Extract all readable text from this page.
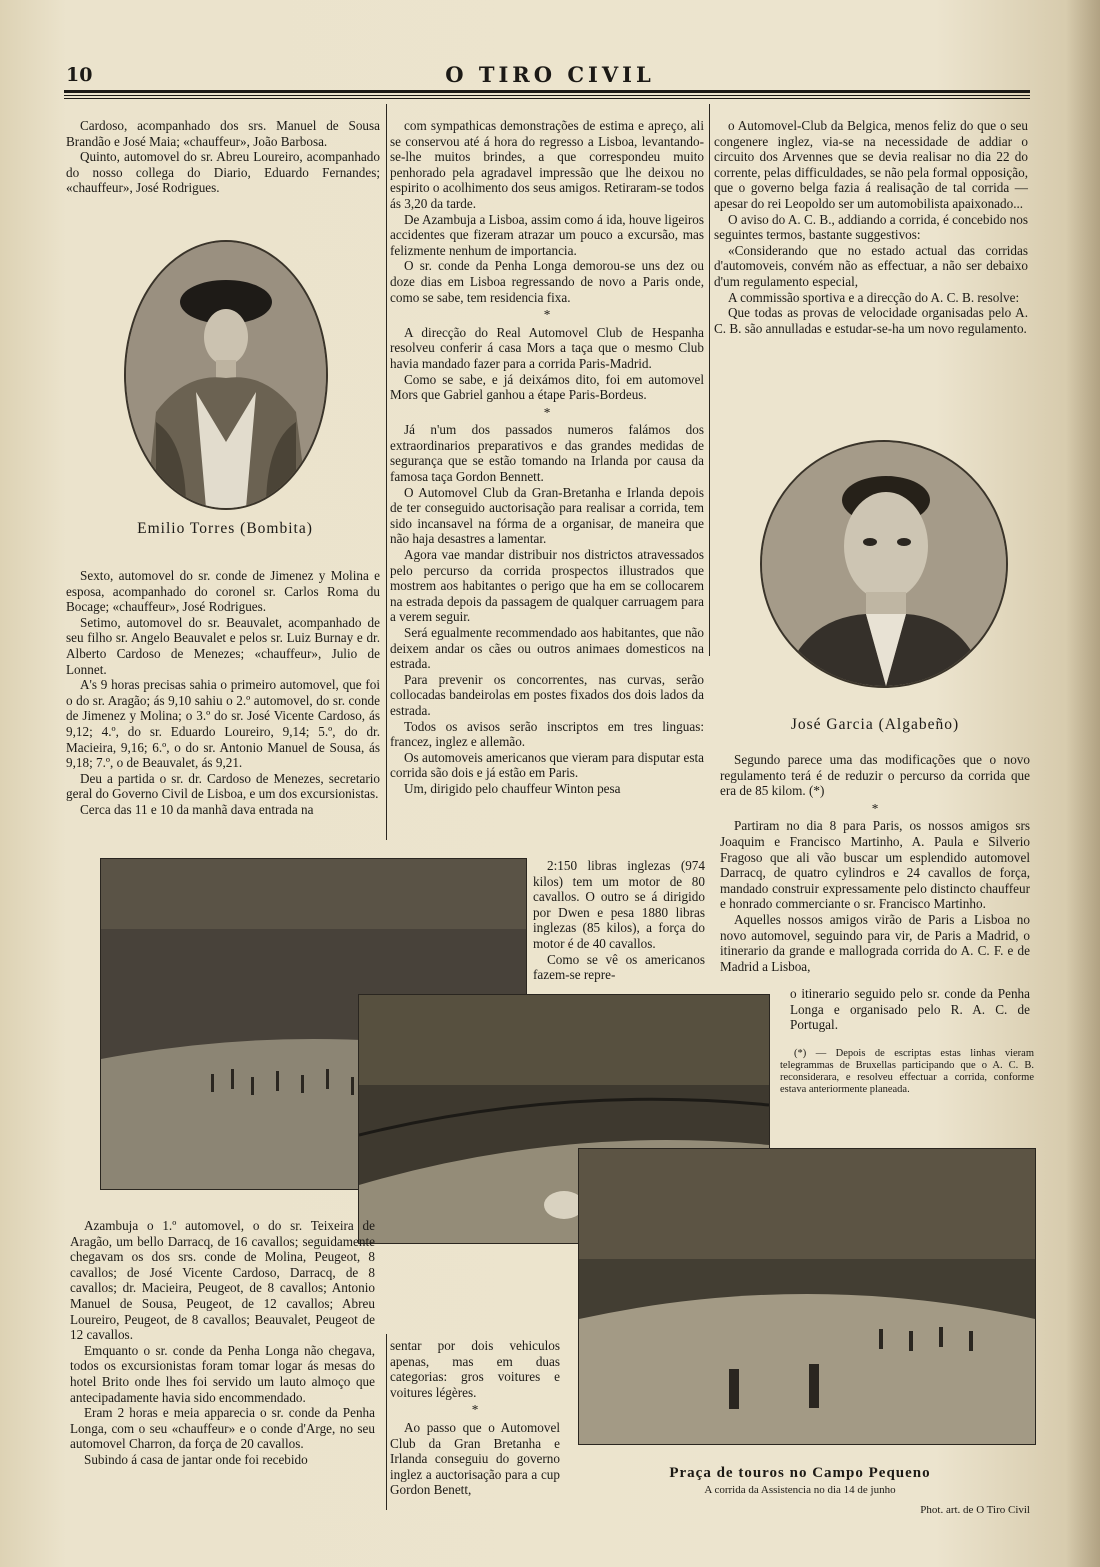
10	O TIRO CIVIL

Cardoso, acompanhado dos srs. Manuel de Sousa Brandão e José Maia; «chauffeur», João Barbosa.

Quinto, automovel do sr. Abreu Loureiro, acompanhado do nosso collega do Diario, Eduardo Fernandes; «chauffeur», José Rodrigues.

Emilio Torres (Bombita)

Sexto, automovel do sr. conde de Jimenez y Molina e esposa, acompanhado do coronel sr. Carlos Roma du Bocage; «chauffeur», José Rodrigues.

Setimo, automovel do sr. Beauvalet, acompanhado de seu filho sr. Angelo Beauvalet e pelos sr. Luiz Burnay e dr. Alberto Cardoso de Menezes; «chauffeur», Julio de Lonnet.

A's 9 horas precisas sahia o primeiro automovel, que foi o do sr. Aragão; ás 9,10 sahiu o 2.º automovel, do sr. conde de Jimenez y Molina; o 3.º do sr. José Vicente Cardoso, ás 9,12; 4.º, do sr. Eduardo Loureiro, 9,14; 5.º, do dr. Macieira, 9,16; 6.º, o do sr. Antonio Manuel de Sousa, ás 9,18; 7.º, o de Beauvalet, ás 9,21.

Deu a partida o sr. dr. Cardoso de Menezes, secretario geral do Governo Civil de Lisboa, e um dos excursionistas.

Cerca das 11 e 10 da manhã dava entrada na

com sympathicas demonstrações de estima e apreço, ali se conservou até á hora do regresso a Lisboa, levantando-se-lhe muitos brindes, a que correspondeu muito penhorado pela agradavel impressão que lhe deixou no espirito o acolhimento dos seus amigos. Retiraram-se todos ás 3,20 da tarde.

De Azambuja a Lisboa, assim como á ida, houve ligeiros accidentes que fizeram atrazar um pouco a excursão, mas felizmente nenhum de importancia.

O sr. conde da Penha Longa demorou-se uns dez ou doze dias em Lisboa regressando de novo a Paris onde, como se sabe, tem residencia fixa.

*

A direcção do Real Automovel Club de Hespanha resolveu conferir á casa Mors a taça que o mesmo Club havia mandado fazer para a corrida Paris-Madrid.

Como se sabe, e já deixámos dito, foi em automovel Mors que Gabriel ganhou a étape Paris-Bordeus.

*

Já n'um dos passados numeros falámos dos extraordinarios preparativos e das grandes medidas de segurança que se estão tomando na Irlanda por causa da famosa taça Gordon Bennett.

O Automovel Club da Gran-Bretanha e Irlanda depois de ter conseguido auctorisação para realisar a corrida, tem sido incansavel na fórma de a organisar, de maneira que não haja desastres a lamentar.

Agora vae mandar distribuir nos districtos atravessados pelo percurso da corrida prospectos illustrados que mostrem aos habitantes o perigo que ha em se collocarem na estrada depois da passagem de qualquer carruagem para a verem seguir.

Será egualmente recommendado aos habitantes, que não deixem andar os cães ou outros animaes domesticos na estrada.

Para prevenir os concorrentes, nas curvas, serão collocadas bandeirolas em postes fixados dos dois lados da estrada.

Todos os avisos serão inscriptos em tres linguas: francez, inglez e allemão.

Os automoveis americanos que vieram para disputar esta corrida são dois e já estão em Paris.

Um, dirigido pelo chauffeur Winton pesa

2:150 libras inglezas (974 kilos) tem um motor de 80 cavallos. O outro se á dirigido por Dwen e pesa 1880 libras inglezas (85 kilos), a força do motor é de 40 cavallos.

Como se vê os americanos fazem-se repre-

o Automovel-Club da Belgica, menos feliz do que o seu congenere inglez, via-se na necessidade de addiar o circuito dos Arvennes que se devia realisar no dia 22 do corrente, pelas difficuldades, se não pela formal opposição, que o governo belga fazia á realisação de tal corrida — apesar do rei Leopoldo ser um automobilista apaixonado...

O aviso do A. C. B., addiando a corrida, é concebido nos seguintes termos, bastante suggestivos:

«Considerando que no estado actual das corridas d'automoveis, convém não as effectuar, a não ser debaixo d'um regulamento especial,

A commissão sportiva e a direcção do A. C. B. resolve:

Que todas as provas de velocidade organisadas pelo A. C. B. são annulladas e estudar-se-ha um novo regulamento.

José Garcia (Algabeño)

Segundo parece uma das modificações que o novo regulamento terá é de reduzir o percurso da corrida que era de 85 kilom. (*)

*

Partiram no dia 8 para Paris, os nossos amigos srs Joaquim e Francisco Martinho, A. Paula e Silverio Fragoso que ali vão buscar um esplendido automovel Darracq, de quatro cylindros e 24 cavallos de força, mandado construir expressamente pelo distincto chauffeur e honrado commerciante o sr. Francisco Martinho.

Aquelles nossos amigos virão de Paris a Lisboa no novo automovel, seguindo para vir, de Paris a Madrid, o itinerario da grande e mallograda corrida do A. C. F. e de Madrid a Lisboa,

o itinerario seguido pelo sr. conde da Penha Longa e organisado pelo R. A. C. de Portugal.

(*) — Depois de escriptas estas linhas vieram telegrammas de Bruxellas participando que o A. C. B. reconsiderara, e resolveu effectuar a corrida, conforme estava anteriormente planeada.

Praça de touros no Campo Pequeno
A corrida da Assistencia no dia 14 de junho
Phot. art. de O Tiro Civil

Azambuja o 1.º automovel, o do sr. Teixeira de Aragão, um bello Darracq, de 16 cavallos; seguidamente chegavam os dos srs. conde de Molina, Peugeot, 8 cavallos; de José Vicente Cardoso, Darracq, de 8 cavallos; dr. Macieira, Peugeot, de 8 cavallos; Antonio Manuel de Sousa, Peugeot, de 12 cavallos; Abreu Loureiro, Peugeot, de 8 cavallos; Beauvalet, Peugeot de 12 cavallos.

Emquanto o sr. conde da Penha Longa não chegava, todos os excursionistas foram tomar logar ás mesas do hotel Brito onde lhes foi servido um lauto almoço que antecipadamente havia sido encommendado.

Eram 2 horas e meia apparecia o sr. conde da Penha Longa, com o seu «chauffeur» e o conde d'Arge, no seu automovel Charron, da força de 20 cavallos.

Subindo á casa de jantar onde foi recebido

sentar por dois vehiculos apenas, mas em duas categorias: gros voitures e voitures légères.

*

Ao passo que o Automovel Club da Gran Bretanha e Irlanda conseguiu do governo inglez a auctorisação para a cup Gordon Benett,
